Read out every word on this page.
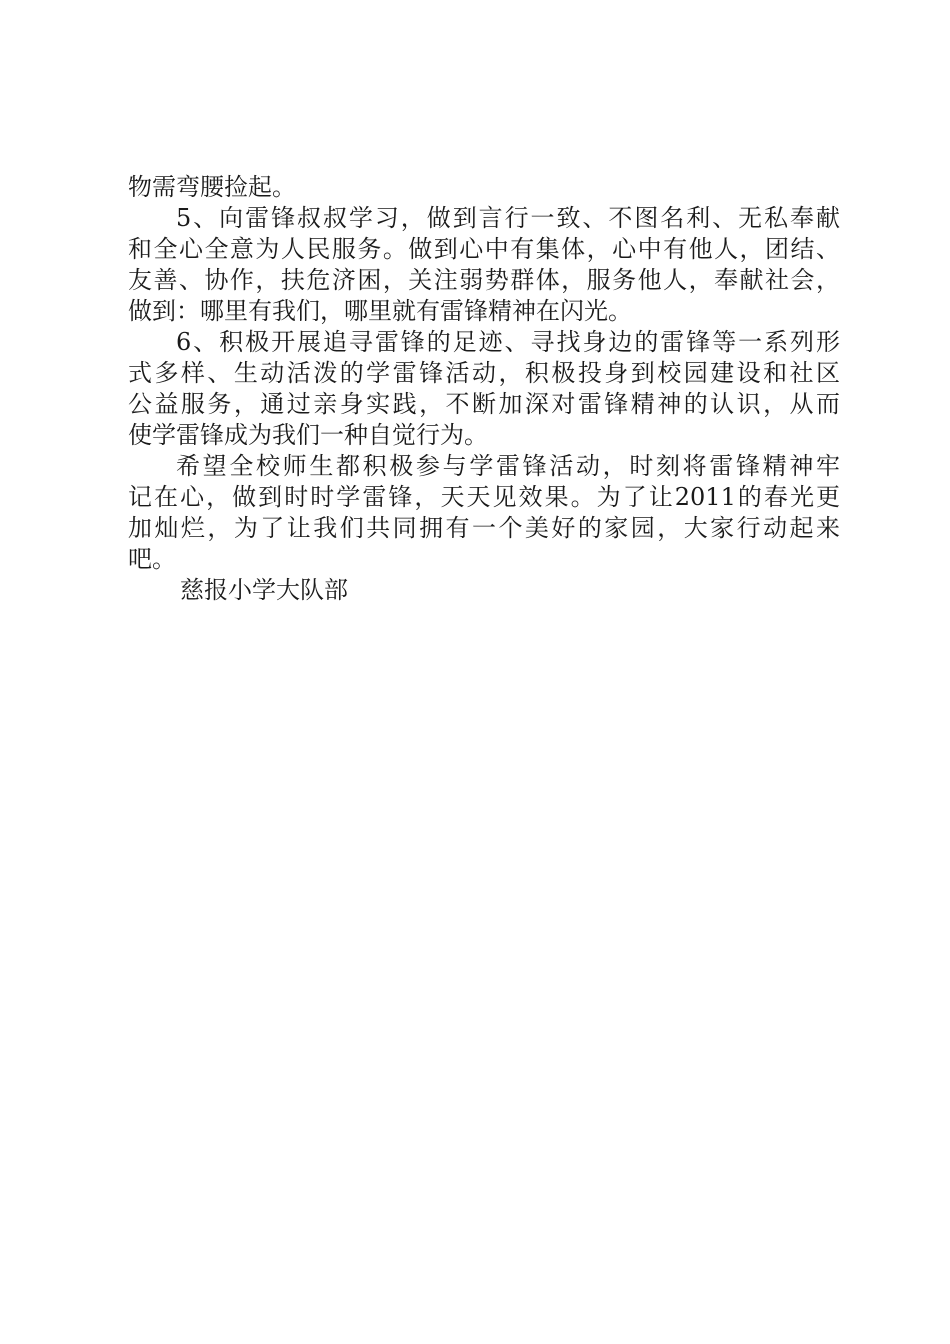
物需弯腰捡起。
5、向雷锋叔叔学习，做到言行一致、不图名利、无私奉献
和全心全意为人民服务。做到心中有集体，心中有他人，团结、
友善、协作，扶危济困，关注弱势群体，服务他人，奉献社会，
做到：哪里有我们，哪里就有雷锋精神在闪光。
6、积极开展追寻雷锋的足迹、寻找身边的雷锋等一系列形
式多样、生动活泼的学雷锋活动，积极投身到校园建设和社区
公益服务，通过亲身实践，不断加深对雷锋精神的认识，从而
使学雷锋成为我们一种自觉行为。
希望全校师生都积极参与学雷锋活动，时刻将雷锋精神牢
记在心，做到时时学雷锋，天天见效果。为了让2011的春光更
加灿烂，为了让我们共同拥有一个美好的家园，大家行动起来
吧。
慈报小学大队部
